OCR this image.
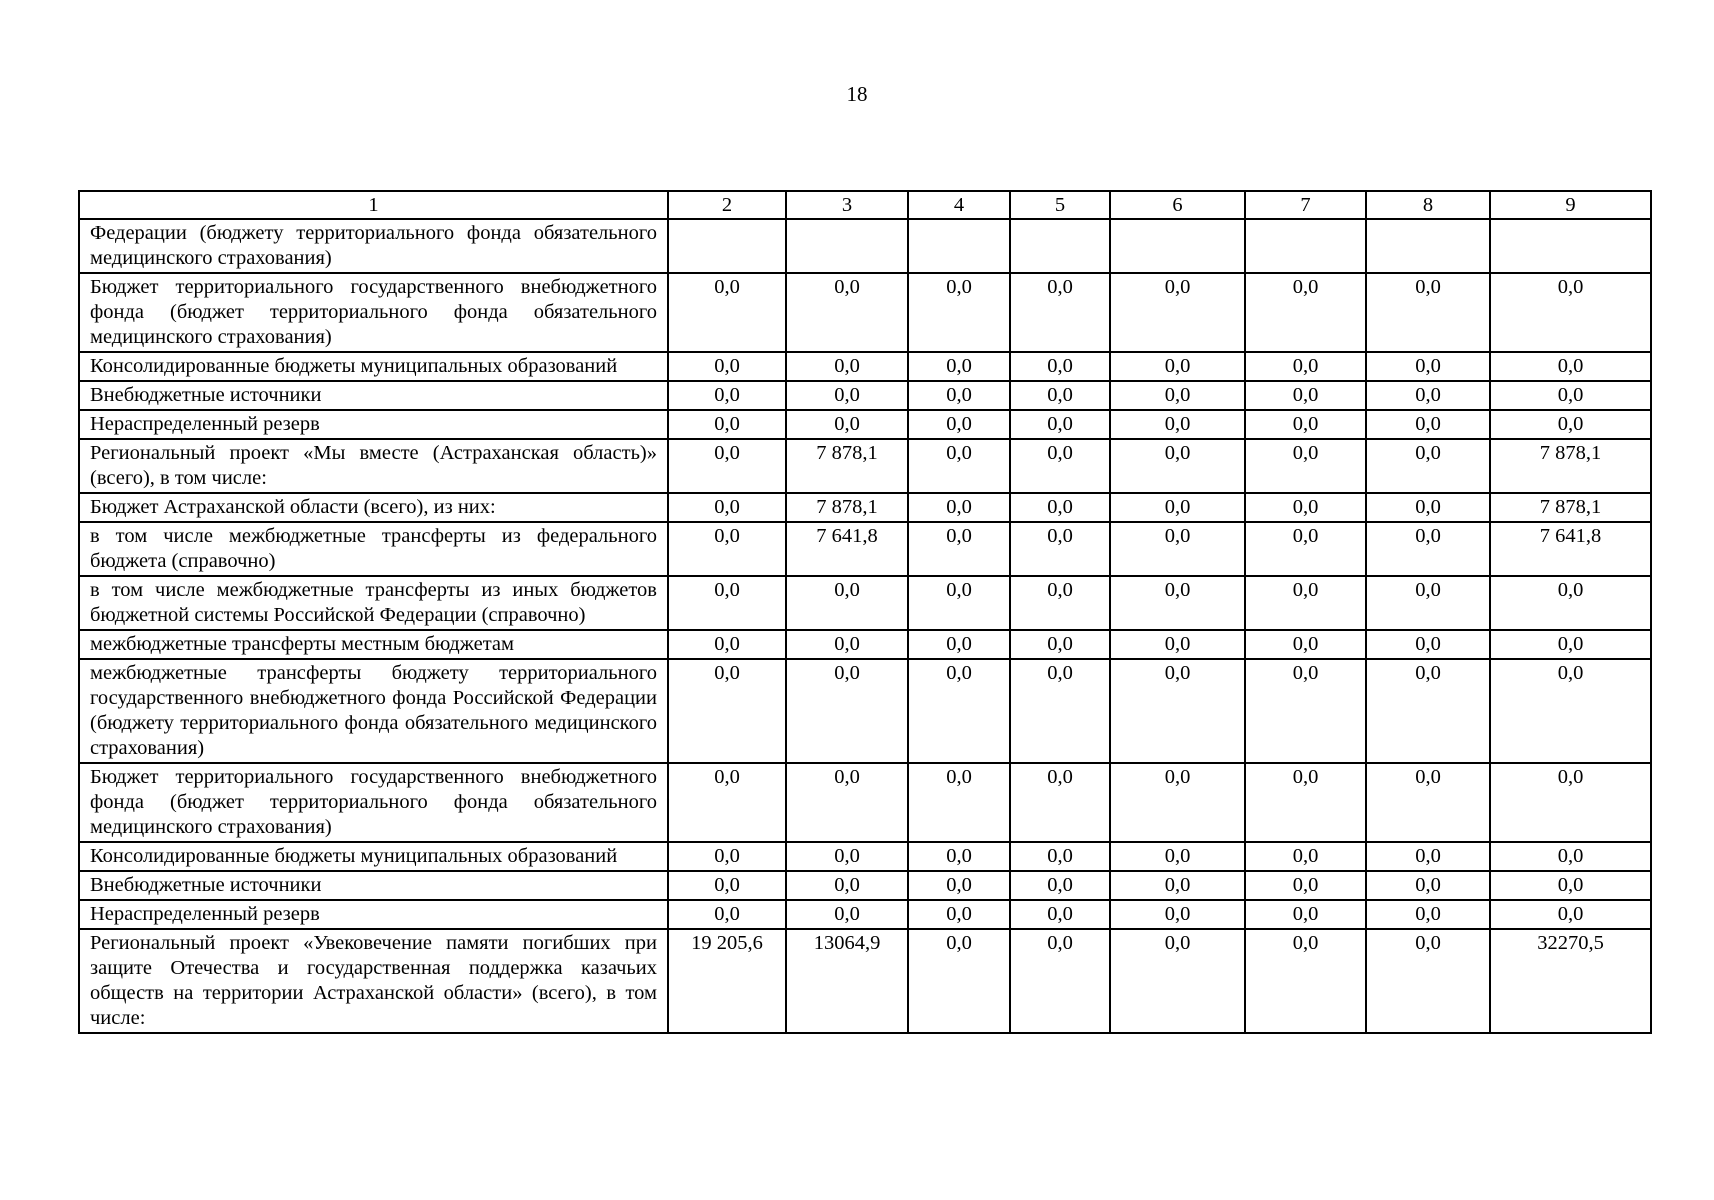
18
1	2	3	4	5	6	7	8	9
Федерации (бюджету территориального фонда обязательного медицинского страхования)								
Бюджет территориального государственного внебюджетного фонда (бюджет территориального фонда обязательного медицинского страхования)	0,0	0,0	0,0	0,0	0,0	0,0	0,0	0,0
Консолидированные бюджеты муниципальных образований	0,0	0,0	0,0	0,0	0,0	0,0	0,0	0,0
Внебюджетные источники	0,0	0,0	0,0	0,0	0,0	0,0	0,0	0,0
Нераспределенный резерв	0,0	0,0	0,0	0,0	0,0	0,0	0,0	0,0
Региональный проект «Мы вместе (Астраханская область)» (всего), в том числе:	0,0	7 878,1	0,0	0,0	0,0	0,0	0,0	7 878,1
Бюджет Астраханской области (всего), из них:	0,0	7 878,1	0,0	0,0	0,0	0,0	0,0	7 878,1
в том числе межбюджетные трансферты из федерального бюджета (справочно)	0,0	7 641,8	0,0	0,0	0,0	0,0	0,0	7 641,8
в том числе межбюджетные трансферты из иных бюджетов бюджетной системы Российской Федерации (справочно)	0,0	0,0	0,0	0,0	0,0	0,0	0,0	0,0
межбюджетные трансферты местным бюджетам	0,0	0,0	0,0	0,0	0,0	0,0	0,0	0,0
межбюджетные трансферты бюджету территориального государственного внебюджетного фонда Российской Федерации (бюджету территориального фонда обязательного медицинского страхования)	0,0	0,0	0,0	0,0	0,0	0,0	0,0	0,0
Бюджет территориального государственного внебюджетного фонда (бюджет территориального фонда обязательного медицинского страхования)	0,0	0,0	0,0	0,0	0,0	0,0	0,0	0,0
Консолидированные бюджеты муниципальных образований	0,0	0,0	0,0	0,0	0,0	0,0	0,0	0,0
Внебюджетные источники	0,0	0,0	0,0	0,0	0,0	0,0	0,0	0,0
Нераспределенный резерв	0,0	0,0	0,0	0,0	0,0	0,0	0,0	0,0
Региональный проект «Увековечение памяти погибших при защите Отечества и государственная поддержка казачьих обществ на территории Астраханской области» (всего), в том числе:	19 205,6	13064,9	0,0	0,0	0,0	0,0	0,0	32270,5
